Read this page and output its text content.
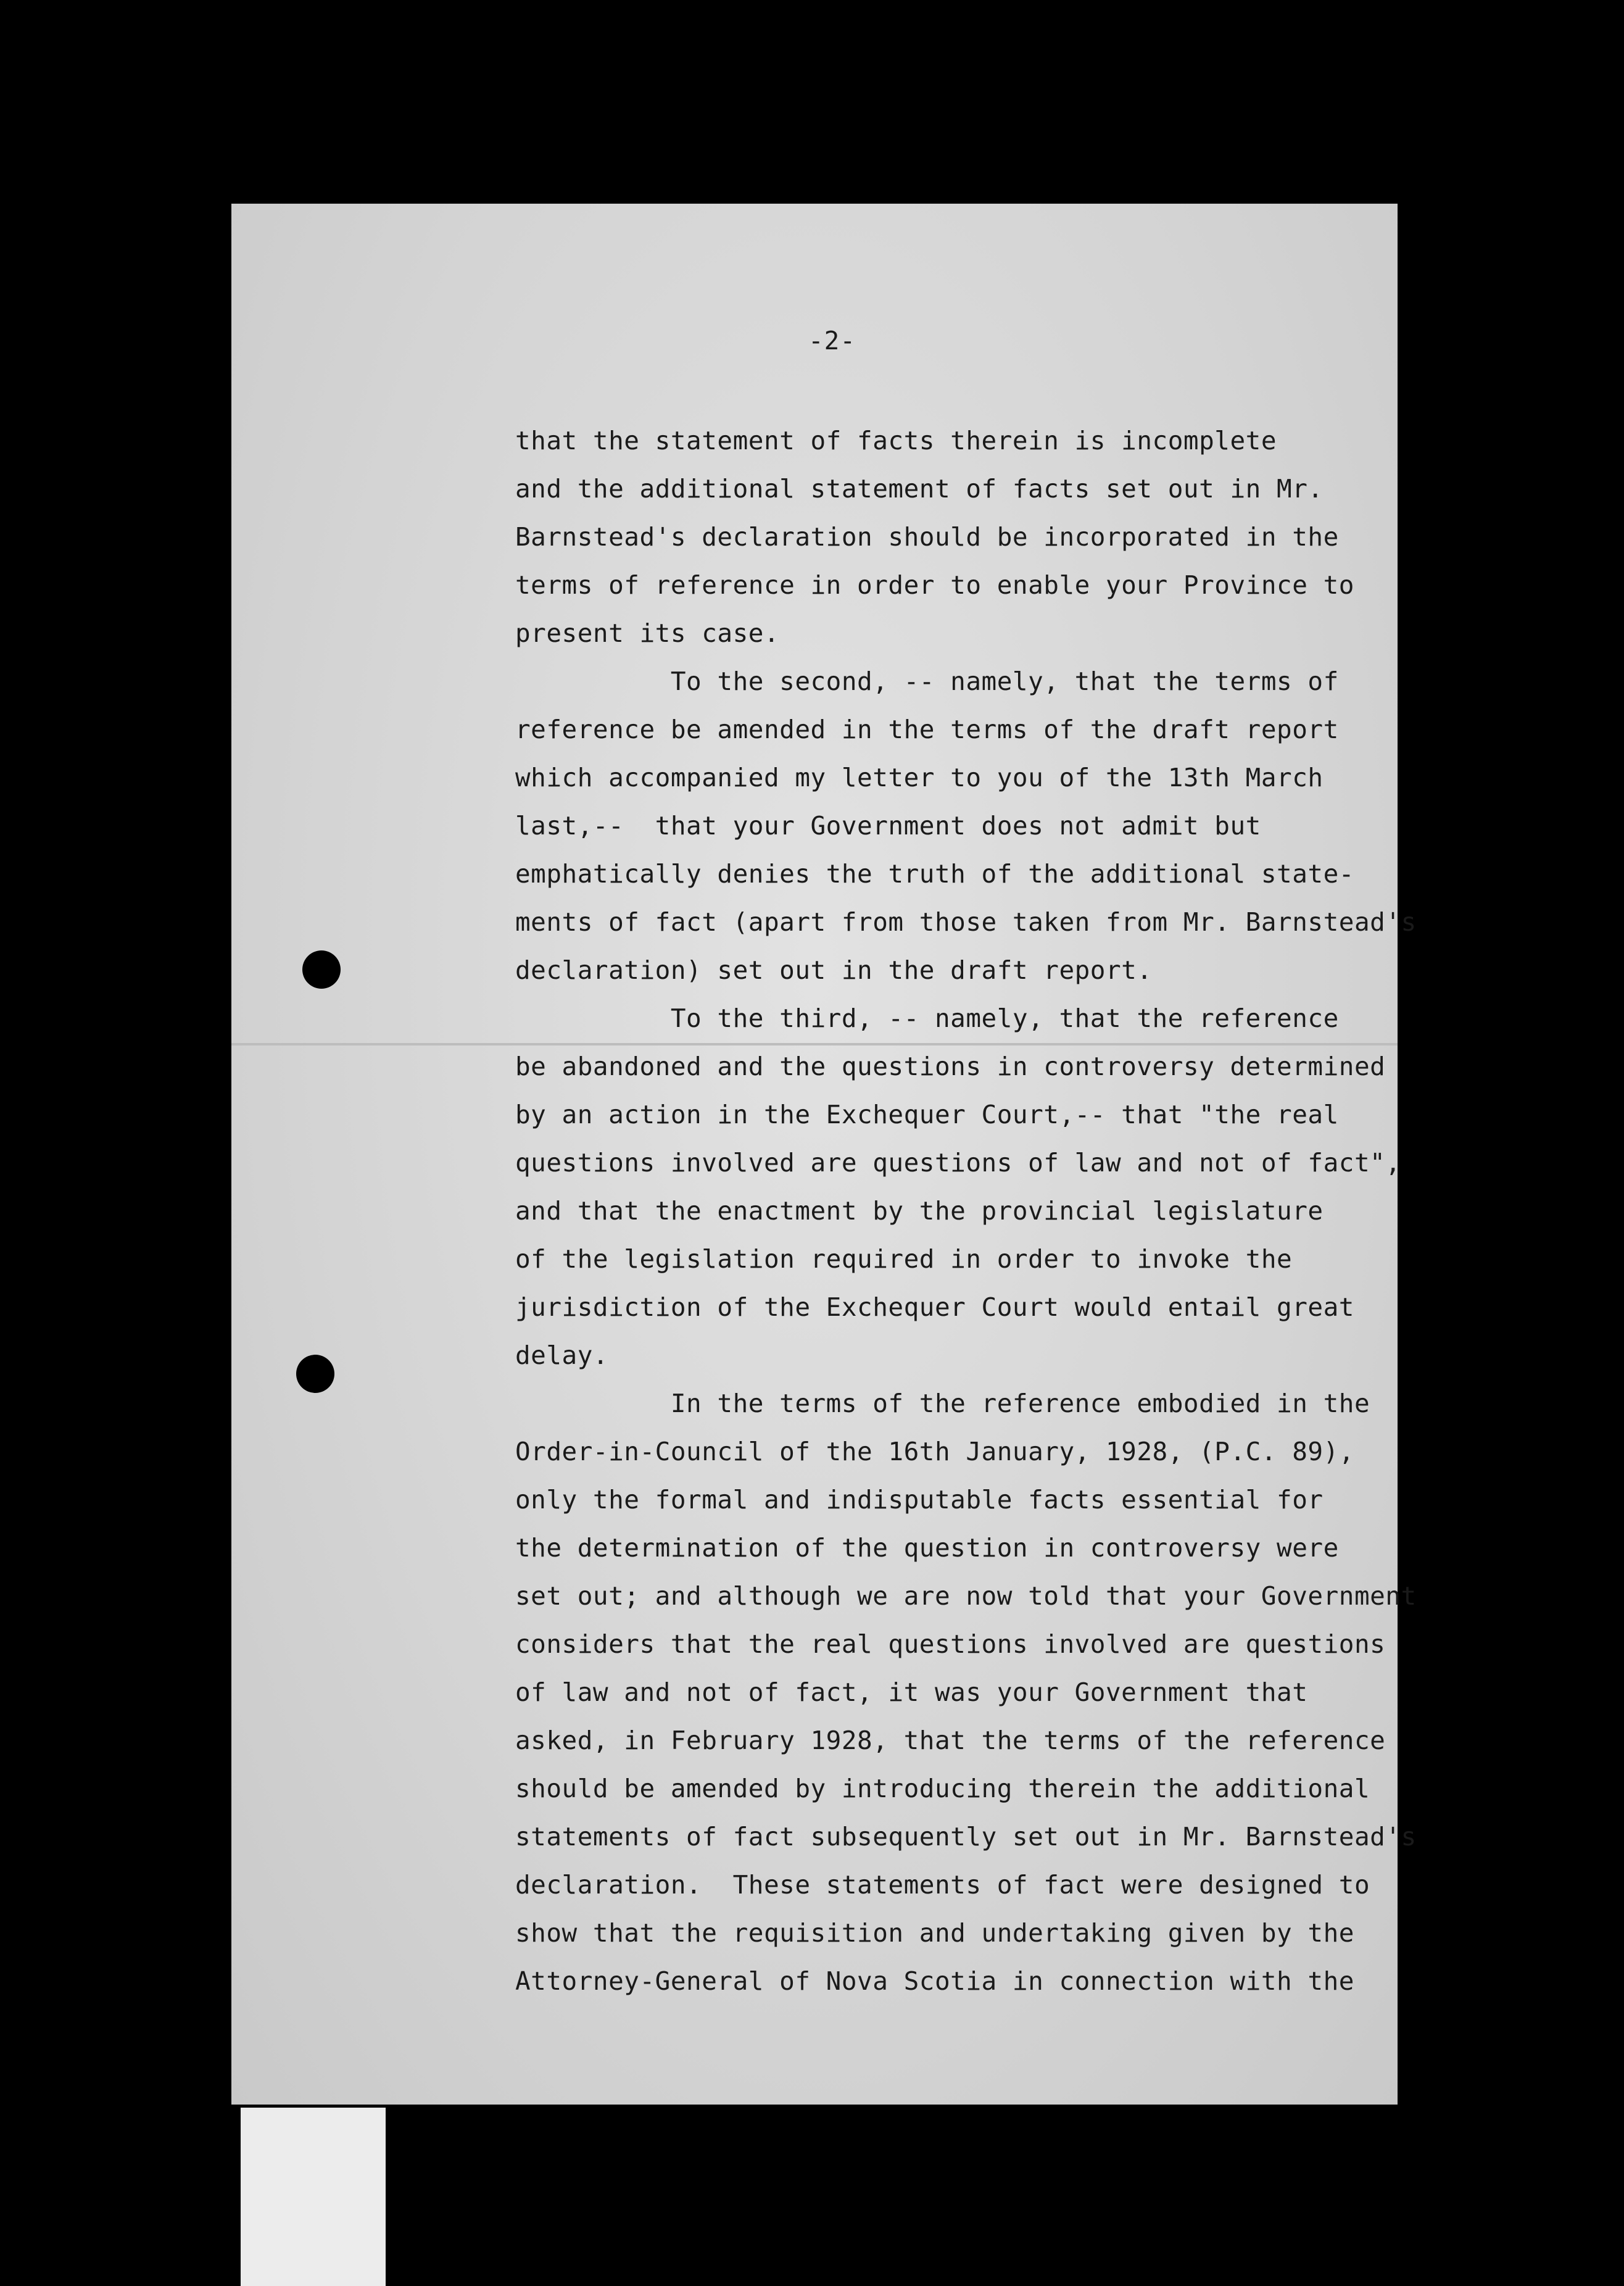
-2-
that the statement of facts therein is incomplete
and the additional statement of facts set out in Mr.
Barnstead's declaration should be incorporated in the
terms of reference in order to enable your Province to
present its case.
To the second, -- namely, that the terms of
reference be amended in the terms of the draft report
which accompanied my letter to you of the 13th March
last,--  that your Government does not admit but
emphatically denies the truth of the additional state-
ments of fact (apart from those taken from Mr. Barnstead's
declaration) set out in the draft report.
To the third, -- namely, that the reference
be abandoned and the questions in controversy determined
by an action in the Exchequer Court,-- that "the real
questions involved are questions of law and not of fact",
and that the enactment by the provincial legislature
of the legislation required in order to invoke the
jurisdiction of the Exchequer Court would entail great
delay.
In the terms of the reference embodied in the
Order-in-Council of the 16th January, 1928, (P.C. 89),
only the formal and indisputable facts essential for
the determination of the question in controversy were
set out; and although we are now told that your Government
considers that the real questions involved are questions
of law and not of fact, it was your Government that
asked, in February 1928, that the terms of the reference
should be amended by introducing therein the additional
statements of fact subsequently set out in Mr. Barnstead's
declaration.  These statements of fact were designed to
show that the requisition and undertaking given by the
Attorney-General of Nova Scotia in connection with the
